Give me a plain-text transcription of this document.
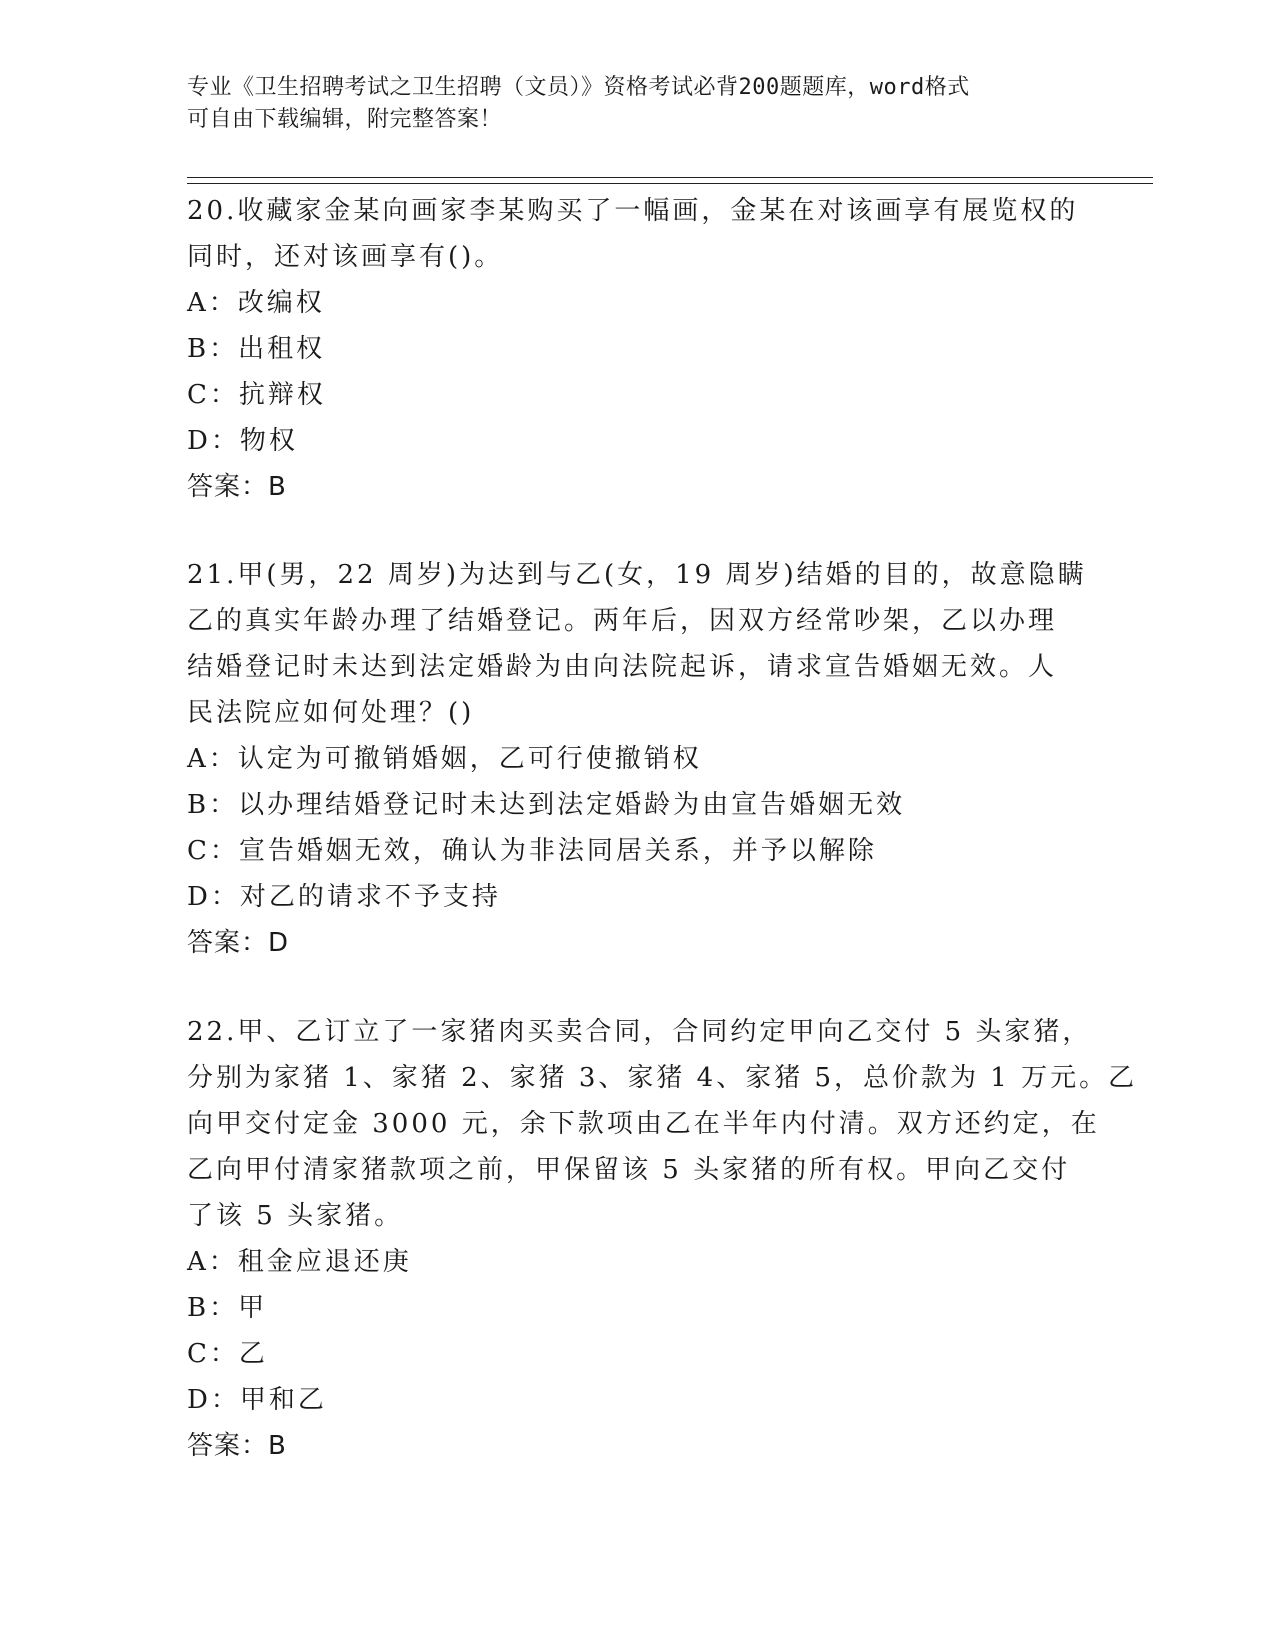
专业《卫生招聘考试之卫生招聘（文员）》资格考试必背200题题库，word格式

可自由下载编辑，附完整答案！

20.收藏家金某向画家李某购买了一幅画，金某在对该画享有展览权的

同时，还对该画享有()。

A：改编权

B：出租权

C：抗辩权

D：物权

答案：B

21.甲(男，22 周岁)为达到与乙(女，19 周岁)结婚的目的，故意隐瞒

乙的真实年龄办理了结婚登记。两年后，因双方经常吵架，乙以办理

结婚登记时未达到法定婚龄为由向法院起诉，请求宣告婚姻无效。人

民法院应如何处理？()

A：认定为可撤销婚姻，乙可行使撤销权

B：以办理结婚登记时未达到法定婚龄为由宣告婚姻无效

C：宣告婚姻无效，确认为非法同居关系，并予以解除

D：对乙的请求不予支持

答案：D

22.甲、乙订立了一家猪肉买卖合同，合同约定甲向乙交付 5 头家猪，

分别为家猪 1、家猪 2、家猪 3、家猪 4、家猪 5，总价款为 1 万元。乙

向甲交付定金 3000 元，余下款项由乙在半年内付清。双方还约定，在

乙向甲付清家猪款项之前，甲保留该 5 头家猪的所有权。甲向乙交付

了该 5 头家猪。

A：租金应退还庚

B：甲

C：乙

D：甲和乙

答案：B
